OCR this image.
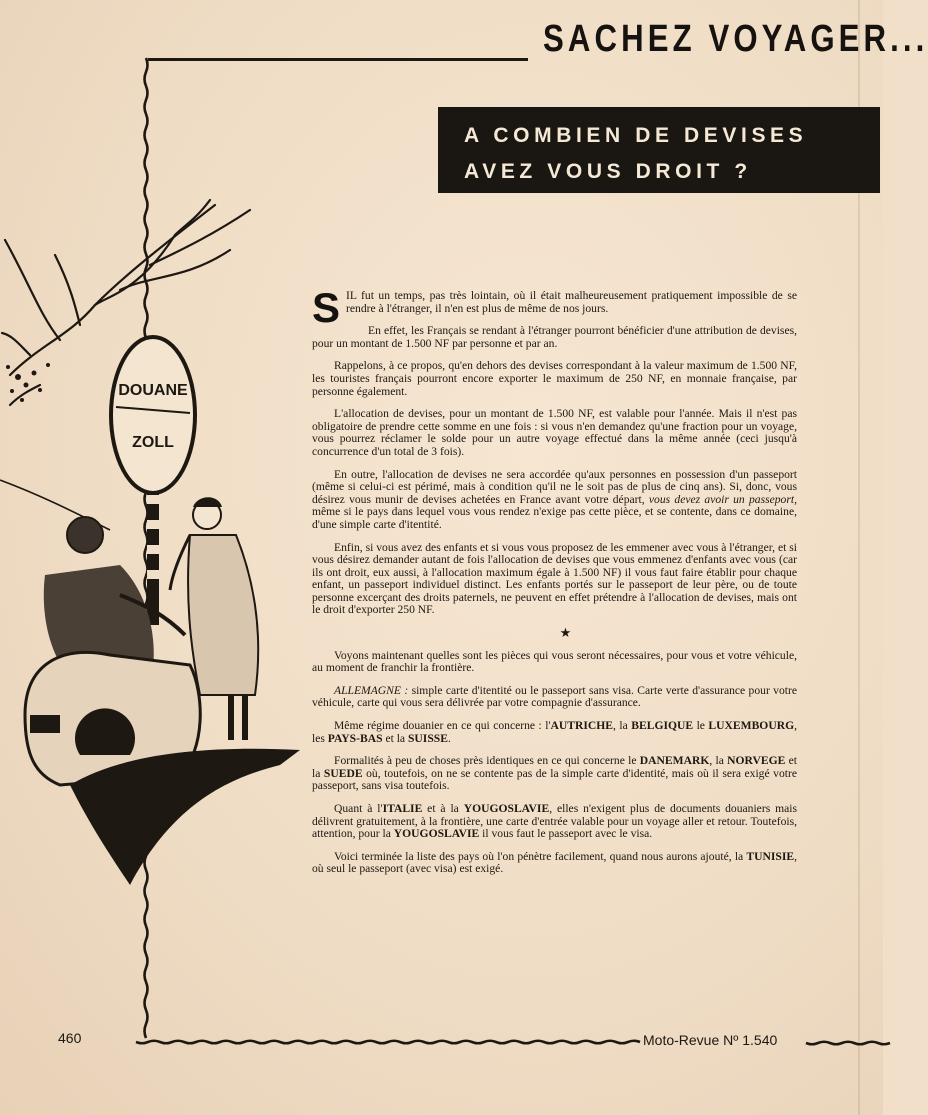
SACHEZ VOYAGER...
A COMBIEN DE DEVISES
AVEZ VOUS DROIT ?
DOUANE
ZOLL

SIL fut un temps, pas très lointain, où il était malheureusement pratiquement impossible de se rendre à l'étranger, il n'en est plus de même de nos jours.

En effet, les Français se rendant à l'étranger pourront bénéficier d'une attribution de devises, pour un montant de 1.500 NF par personne et par an.

Rappelons, à ce propos, qu'en dehors des devises correspondant à la valeur maximum de 1.500 NF, les touristes français pourront encore exporter le maximum de 250 NF, en monnaie française, par personne également.

L'allocation de devises, pour un montant de 1.500 NF, est valable pour l'année. Mais il n'est pas obligatoire de prendre cette somme en une fois : si vous n'en demandez qu'une fraction pour un voyage, vous pourrez réclamer le solde pour un autre voyage effectué dans la même année (ceci jusqu'à concurrence d'un total de 3 fois).

En outre, l'allocation de devises ne sera accordée qu'aux personnes en possession d'un passeport (même si celui-ci est périmé, mais à condition qu'il ne le soit pas de plus de cinq ans). Si, donc, vous désirez vous munir de devises achetées en France avant votre départ, vous devez avoir un passeport, même si le pays dans lequel vous vous rendez n'exige pas cette pièce, et se contente, dans ce domaine, d'une simple carte d'itentité.

Enfin, si vous avez des enfants et si vous vous proposez de les emmener avec vous à l'étranger, et si vous désirez demander autant de fois l'allocation de devises que vous emmenez d'enfants avec vous (car ils ont droit, eux aussi, à l'allocation maximum égale à 1.500 NF) il vous faut faire établir pour chaque enfant, un passeport individuel distinct. Les enfants portés sur le passeport de leur père, ou de toute personne excerçant des droits paternels, ne peuvent en effet prétendre à l'allocation de devises, mais ont le droit d'exporter 250 NF.

★

Voyons maintenant quelles sont les pièces qui vous seront nécessaires, pour vous et votre véhicule, au moment de franchir la frontière.

ALLEMAGNE : simple carte d'itentité ou le passeport sans visa. Carte verte d'assurance pour votre véhicule, carte qui vous sera délivrée par votre compagnie d'assurance.

Même régime douanier en ce qui concerne : l'AUTRICHE, la BELGIQUE le LUXEMBOURG, les PAYS-BAS et la SUISSE.

Formalités à peu de choses près identiques en ce qui concerne le DANEMARK, la NORVEGE et la SUEDE où, toutefois, on ne se contente pas de la simple carte d'identité, mais où il sera exigé votre passeport, sans visa toutefois.

Quant à l'ITALIE et à la YOUGOSLAVIE, elles n'exigent plus de documents douaniers mais délivrent gratuitement, à la frontière, une carte d'entrée valable pour un voyage aller et retour. Toutefois, attention, pour la YOUGOSLAVIE il vous faut le passeport avec le visa.

Voici terminée la liste des pays où l'on pénètre facilement, quand nous aurons ajouté, la TUNISIE, où seul le passeport (avec visa) est exigé.

460	Moto-Revue Nº 1.540
